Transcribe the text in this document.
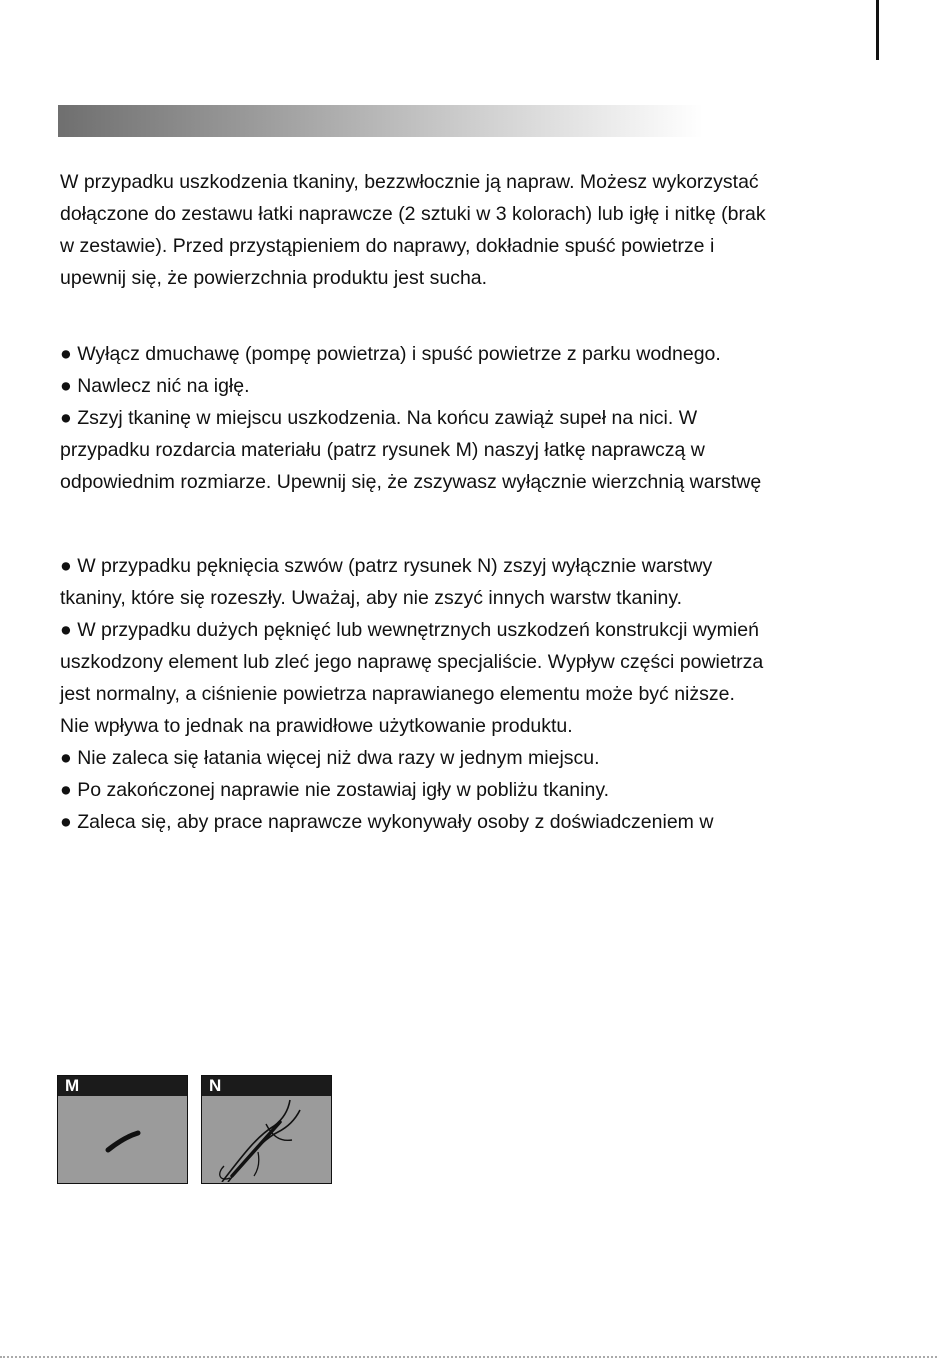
W przypadku uszkodzenia tkaniny, bezzwłocznie ją napraw. Możesz wykorzystać
dołączone do zestawu łatki naprawcze (2 sztuki w 3 kolorach) lub igłę i nitkę (brak
w zestawie). Przed przystąpieniem do naprawy, dokładnie spuść powietrze i
upewnij się, że powierzchnia produktu jest sucha.

● Wyłącz dmuchawę (pompę powietrza) i spuść powietrze z parku wodnego.
● Nawlecz nić na igłę.
● Zszyj tkaninę w miejscu uszkodzenia. Na końcu zawiąż supeł na nici. W
przypadku rozdarcia materiału (patrz rysunek M) naszyj łatkę naprawczą w
odpowiednim rozmiarze. Upewnij się, że zszywasz wyłącznie wierzchnią warstwę

● W przypadku pęknięcia szwów (patrz rysunek N) zszyj wyłącznie warstwy
tkaniny, które się rozeszły. Uważaj, aby nie zszyć innych warstw tkaniny.
● W przypadku dużych pęknięć lub wewnętrznych uszkodzeń konstrukcji wymień
uszkodzony element lub zleć jego naprawę specjaliście. Wypływ części powietrza
jest normalny, a ciśnienie powietrza naprawianego elementu może być niższe.
Nie wpływa to jednak na prawidłowe użytkowanie produktu.
● Nie zaleca się łatania więcej niż dwa razy w jednym miejscu.
● Po zakończonej naprawie nie zostawiaj igły w pobliżu tkaniny.
● Zaleca się, aby prace naprawcze wykonywały osoby z doświadczeniem w

M	N
